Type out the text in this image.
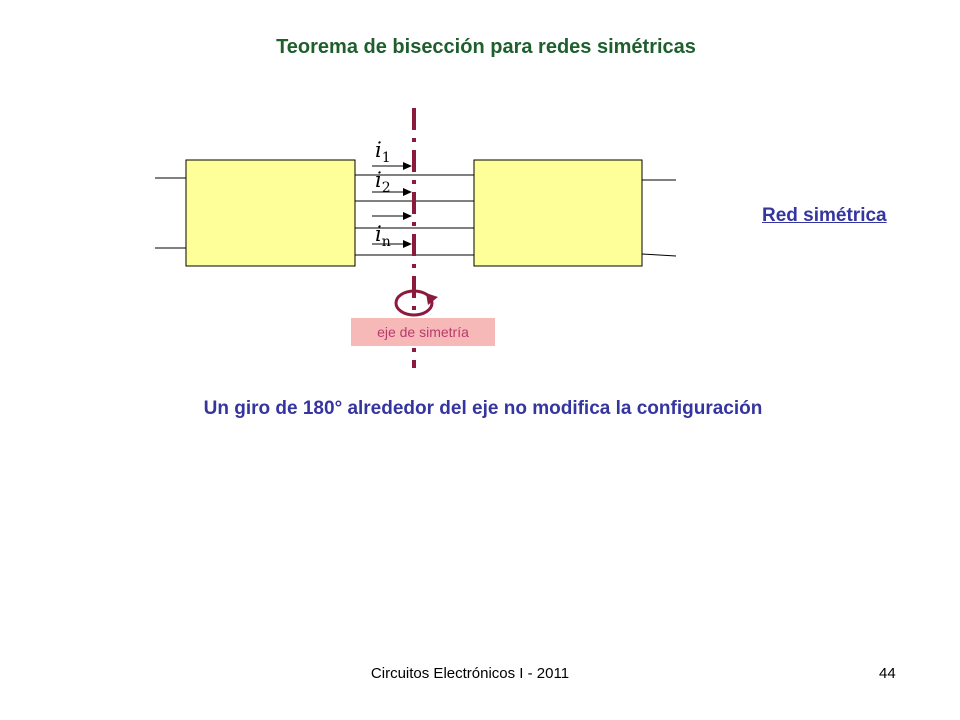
Teorema de bisección para redes simétricas
$i_1$
$i_2$
$i_n$
Red simétrica
eje de simetría
Un giro de 180° alrededor del eje no modifica la configuración
Circuitos Electrónicos I - 2011	44
